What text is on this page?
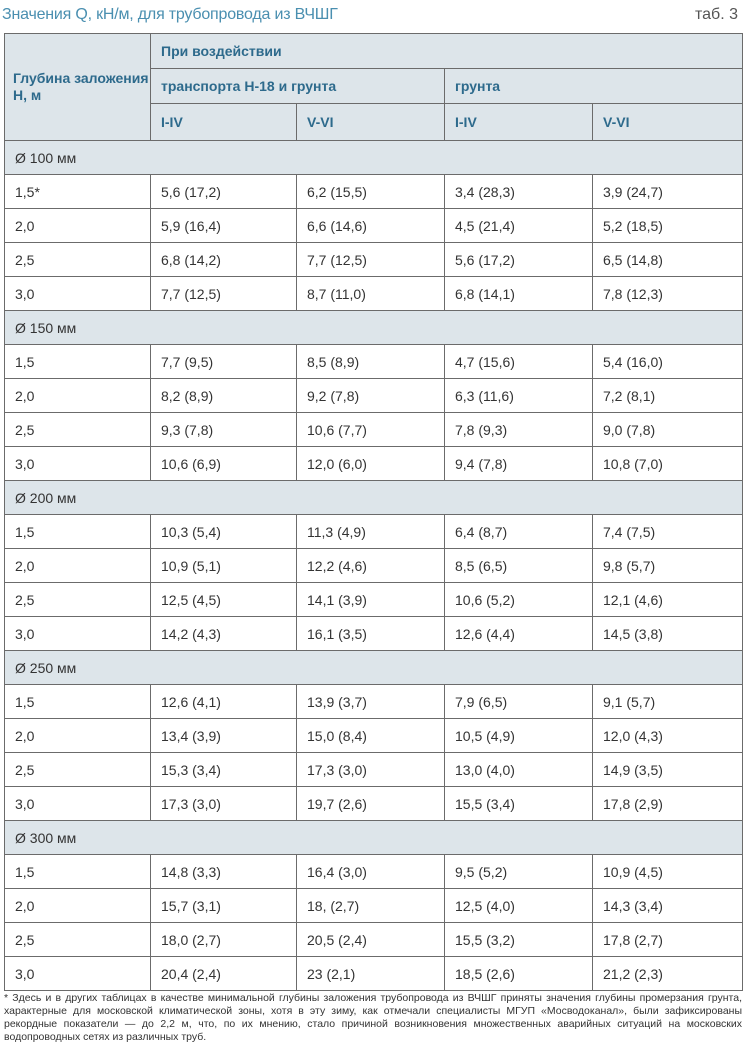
Значения Q, кН/м, для трубопровода из ВЧШГ	таб. 3
Глубина заложения Н, м	При воздействии			
	транспорта Н-18 и грунта		грунта	
	I-IV	V-VI	I-IV	V-VI
Ø 100 мм				
1,5*	5,6 (17,2)	6,2 (15,5)	3,4 (28,3)	3,9 (24,7)
2,0	5,9 (16,4)	6,6 (14,6)	4,5 (21,4)	5,2 (18,5)
2,5	6,8 (14,2)	7,7 (12,5)	5,6 (17,2)	6,5 (14,8)
3,0	7,7 (12,5)	8,7 (11,0)	6,8 (14,1)	7,8 (12,3)
Ø 150 мм				
1,5	7,7 (9,5)	8,5 (8,9)	4,7 (15,6)	5,4 (16,0)
2,0	8,2 (8,9)	9,2 (7,8)	6,3 (11,6)	7,2 (8,1)
2,5	9,3 (7,8)	10,6 (7,7)	7,8 (9,3)	9,0 (7,8)
3,0	10,6 (6,9)	12,0 (6,0)	9,4 (7,8)	10,8 (7,0)
Ø 200 мм				
1,5	10,3 (5,4)	11,3 (4,9)	6,4 (8,7)	7,4 (7,5)
2,0	10,9 (5,1)	12,2 (4,6)	8,5 (6,5)	9,8 (5,7)
2,5	12,5 (4,5)	14,1 (3,9)	10,6 (5,2)	12,1 (4,6)
3,0	14,2 (4,3)	16,1 (3,5)	12,6 (4,4)	14,5 (3,8)
Ø 250 мм				
1,5	12,6 (4,1)	13,9 (3,7)	7,9 (6,5)	9,1 (5,7)
2,0	13,4 (3,9)	15,0 (8,4)	10,5 (4,9)	12,0 (4,3)
2,5	15,3 (3,4)	17,3 (3,0)	13,0 (4,0)	14,9 (3,5)
3,0	17,3 (3,0)	19,7 (2,6)	15,5 (3,4)	17,8 (2,9)
Ø 300 мм				
1,5	14,8 (3,3)	16,4 (3,0)	9,5 (5,2)	10,9 (4,5)
2,0	15,7 (3,1)	18, (2,7)	12,5 (4,0)	14,3 (3,4)
2,5	18,0 (2,7)	20,5 (2,4)	15,5 (3,2)	17,8 (2,7)
3,0	20,4 (2,4)	23 (2,1)	18,5 (2,6)	21,2 (2,3)
* Здесь и в других таблицах в качестве минимальной глубины заложения трубопровода из ВЧШГ приняты значения глубины промерзания грунта, характерные для московской климатической зоны, хотя в эту зиму, как отмечали специалисты МГУП «Мосводоканал», были зафиксированы рекордные показатели — до 2,2 м, что, по их мнению, стало причиной возникновения множественных аварийных ситуаций на московских водопроводных сетях из различных труб.
